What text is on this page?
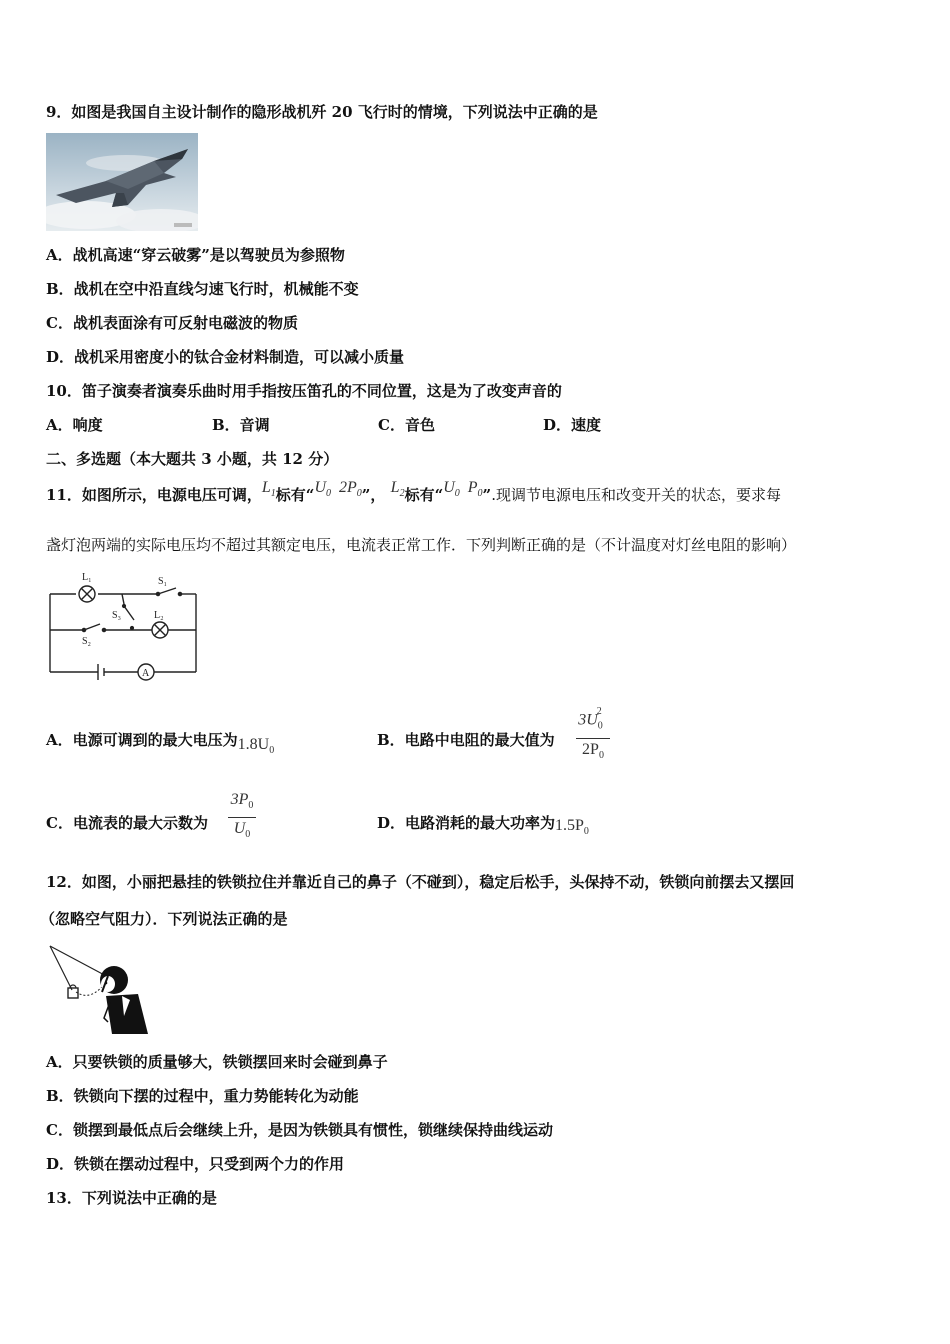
9．如图是我国自主设计制作的隐形战机歼 20 飞行时的情境，下列说法中正确的是
A．战机高速“穿云破雾”是以驾驶员为参照物
B．战机在空中沿直线匀速飞行时，机械能不变
C．战机表面涂有可反射电磁波的物质
D．战机采用密度小的钛合金材料制造，可以减小质量
10．笛子演奏者演奏乐曲时用手指按压笛孔的不同位置，这是为了改变声音的
A．响度	B．音调	C．音色	D．速度
二、多选题（本大题共 3 小题，共 12 分）
11．如图所示，电源电压可调，$L_1$标有“$U_0$ $2P_0$”， $L_2$标有“$U_0$ $P_0$”.现调节电源电压和改变开关的状态，要求每
盏灯泡两端的实际电压均不超过其额定电压，电流表正常工作．下列判断正确的是（不计温度对灯丝电阻的影响）
L₁	S₁
S₃	L₂
S₂
A
A．电源可调到的最大电压为$1.8U_0$
B．电路中电阻的最大值为
$3U_0^2$
$2P_0$
C．电流表的最大示数为
$3P_0$
$U_0$
D．电路消耗的最大功率为$1.5P_0$
12．如图，小丽把悬挂的铁锁拉住并靠近自己的鼻子（不碰到），稳定后松手，头保持不动，铁锁向前摆去又摆回
（忽略空气阻力）．下列说法正确的是
A．只要铁锁的质量够大，铁锁摆回来时会碰到鼻子
B．铁锁向下摆的过程中，重力势能转化为动能
C．锁摆到最低点后会继续上升，是因为铁锁具有惯性，锁继续保持曲线运动
D．铁锁在摆动过程中，只受到两个力的作用
13．下列说法中正确的是
